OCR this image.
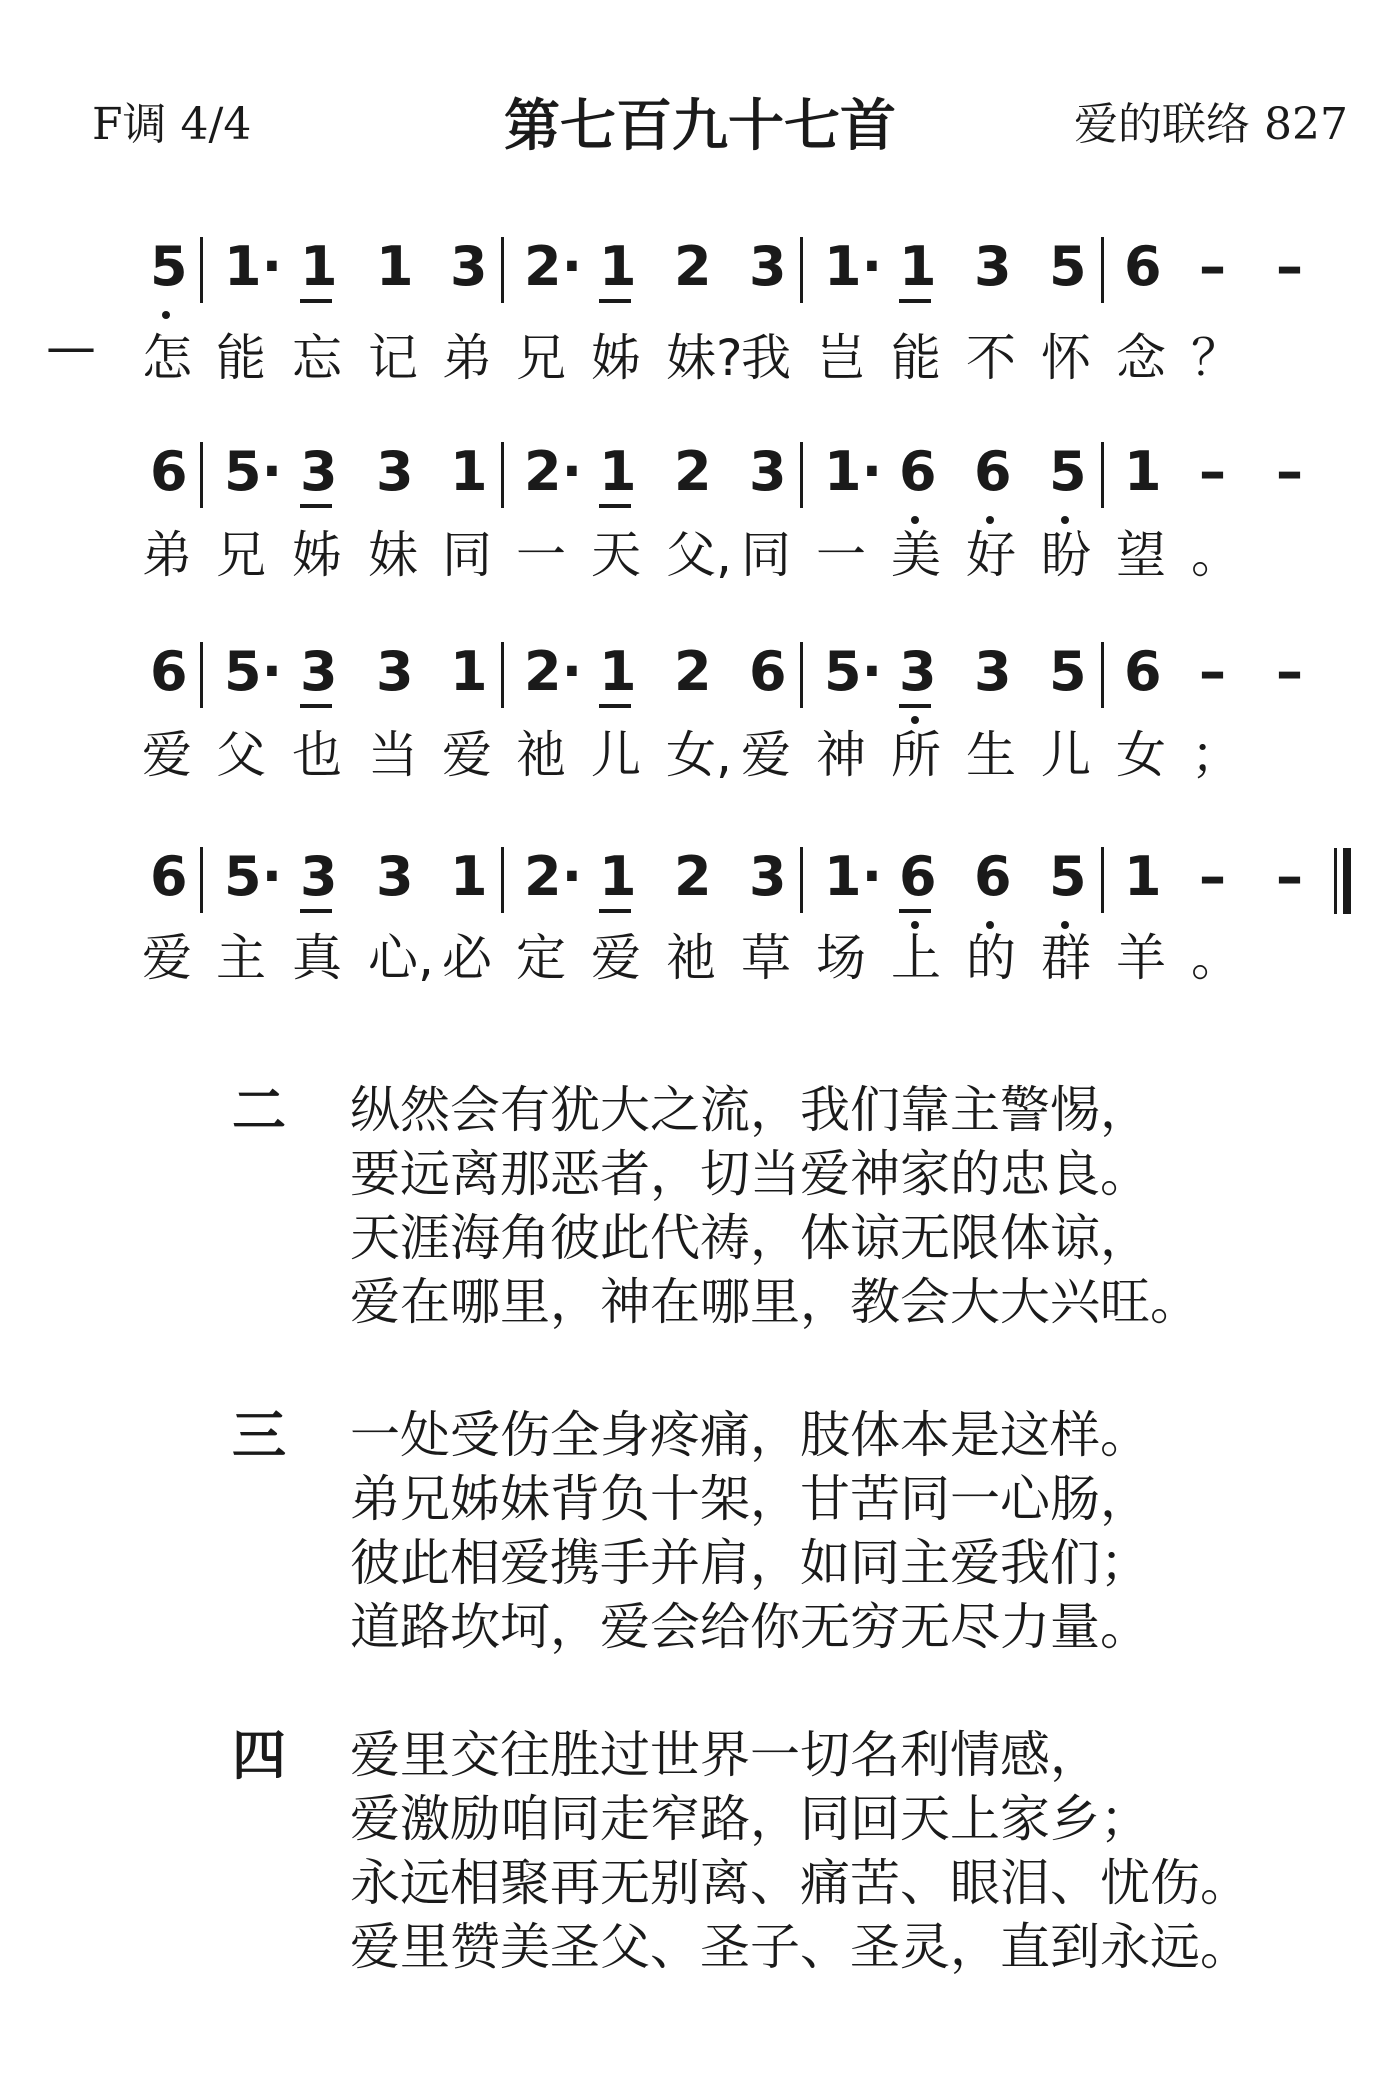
F调 4/4	第七百九十七首	爱的联络 827
5 1· 1 1 3 2· 1 2 3 1· 1 3 5 6 – –
— 怎 能 忘 记 弟 兄 姊 妹?
我 岂 能 不 怀 念 ？
6 5· 3 3 1 2· 1 2 3 1· 6 6 5 1 – –
弟 兄 姊 妹 同 一 天 父, 同 一 美 好 盼 望 。
6 5· 3 3 1 2· 1 2 6 5· 3 3 5 6 – –
爱 父 也 当 爱 祂 儿 女, 爱 神 所 生 儿 女 ；
6 5· 3 3 1 2· 1 2 3 1· 6 6 5 1 – –
爱 主 真 心, 必 定 爱 祂 草 场 上 的 群 羊 。
二 纵然会有犹大之流，我们靠主警惕，
要远离那恶者，切当爱神家的忠良。
天涯海角彼此代祷，体谅无限体谅，
爱在哪里，神在哪里，教会大大兴旺。
三 一处受伤全身疼痛，肢体本是这样。
弟兄姊妹背负十架，甘苦同一心肠，
彼此相爱携手并肩，如同主爱我们；
道路坎坷，爱会给你无穷无尽力量。
四 爱里交往胜过世界一切名利情感，
爱激励咱同走窄路，同回天上家乡；
永远相聚再无别离、痛苦、眼泪、忧伤。
爱里赞美圣父、圣子、圣灵，直到永远。
